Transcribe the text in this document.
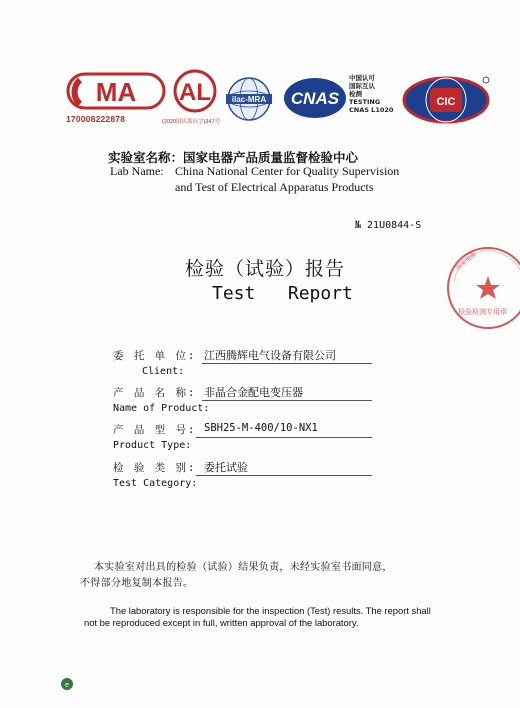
MA
170008222878
AL
(2020国认监认字)347号
ilac-MRA CNAS
中国认可
国际互认
检测
TESTING
CNAS L1020
CIC
实验室名称：国家电器产品质量监督检验中心
Lab Name: China National Center for Quality Supervision
and Test of Electrical Apparatus Products
№ 21U0844-S
检验（试验）报告
Test   Report
国家电器
检验检测专用章
委 托 单 位: 江西腾辉电气设备有限公司
Client:
产 品 名 称: 非晶合金配电变压器
Name of Product:
产 品 型 号: SBH25-M-400/10-NX1
Product Type:
检 验 类 别: 委托试验
Test Category:
本实验室对出具的检验（试验）结果负责，未经实验室书面同意，
不得部分地复制本报告。
The laboratory is responsible for the inspection (Test) results. The report shall
not be reproduced except in full, written approval of the laboratory.
e
